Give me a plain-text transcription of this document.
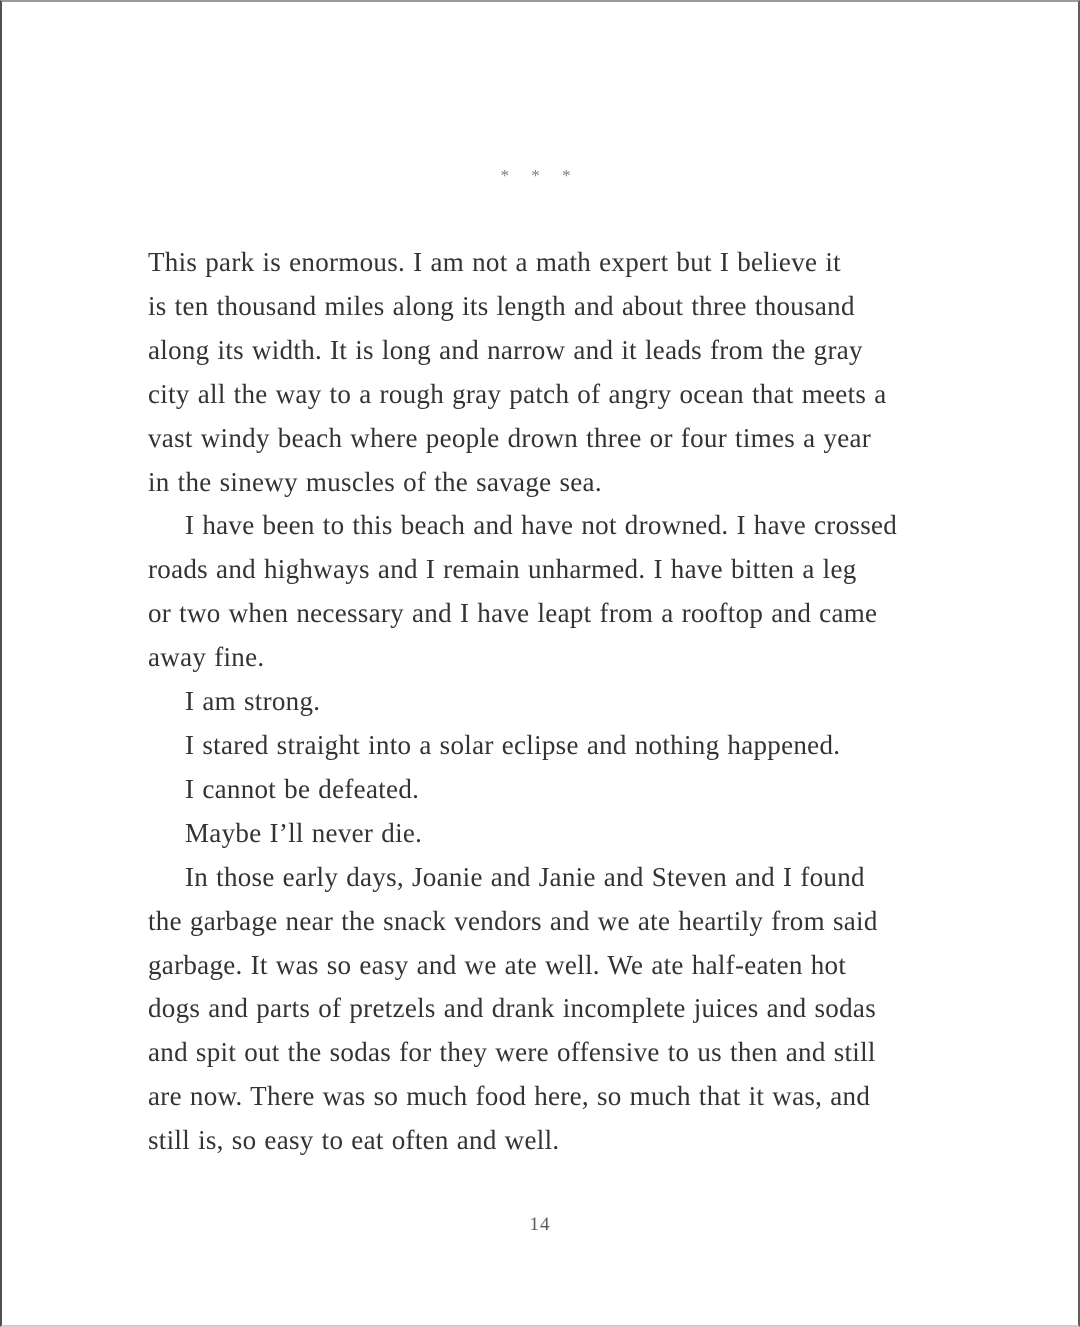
* * *
This park is enormous. I am not a math expert but I believe it
is ten thousand miles along its length and about three thousand
along its width. It is long and narrow and it leads from the gray
city all the way to a rough gray patch of angry ocean that meets a
vast windy beach where people drown three or four times a year
in the sinewy muscles of the savage sea.
I have been to this beach and have not drowned. I have crossed
roads and highways and I remain unharmed. I have bitten a leg
or two when necessary and I have leapt from a rooftop and came
away fine.
I am strong.
I stared straight into a solar eclipse and nothing happened.
I cannot be defeated.
Maybe I’ll never die.
In those early days, Joanie and Janie and Steven and I found
the garbage near the snack vendors and we ate heartily from said
garbage. It was so easy and we ate well. We ate half-eaten hot
dogs and parts of pretzels and drank incomplete juices and sodas
and spit out the sodas for they were offensive to us then and still
are now. There was so much food here, so much that it was, and
still is, so easy to eat often and well.
14
